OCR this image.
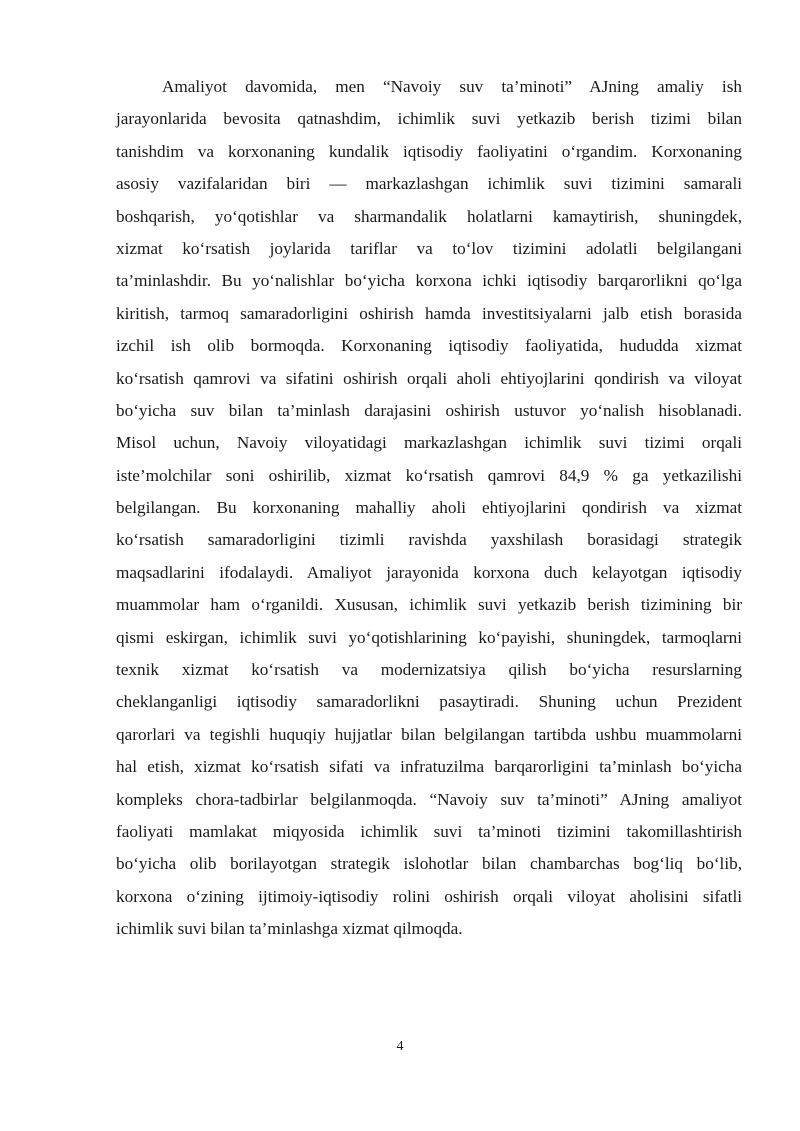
Amaliyot davomida, men “Navoiy suv ta’minoti” AJning amaliy ish
jarayonlarida bevosita qatnashdim, ichimlik suvi yetkazib berish tizimi bilan
tanishdim va korxonaning kundalik iqtisodiy faoliyatini o‘rgandim. Korxonaning
asosiy vazifalaridan biri — markazlashgan ichimlik suvi tizimini samarali
boshqarish, yo‘qotishlar va sharmandalik holatlarni kamaytirish, shuningdek,
xizmat ko‘rsatish joylarida tariflar va to‘lov tizimini adolatli belgilangani
ta’minlashdir. Bu yo‘nalishlar bo‘yicha korxona ichki iqtisodiy barqarorlikni qo‘lga
kiritish, tarmoq samaradorligini oshirish hamda investitsiyalarni jalb etish borasida
izchil ish olib bormoqda. Korxonaning iqtisodiy faoliyatida, hududda xizmat
ko‘rsatish qamrovi va sifatini oshirish orqali aholi ehtiyojlarini qondirish va viloyat
bo‘yicha suv bilan ta’minlash darajasini oshirish ustuvor yo‘nalish hisoblanadi.
Misol uchun, Navoiy viloyatidagi markazlashgan ichimlik suvi tizimi orqali
iste’molchilar soni oshirilib, xizmat ko‘rsatish qamrovi 84,9 % ga yetkazilishi
belgilangan. Bu korxonaning mahalliy aholi ehtiyojlarini qondirish va xizmat
ko‘rsatish samaradorligini tizimli ravishda yaxshilash borasidagi strategik
maqsadlarini ifodalaydi. Amaliyot jarayonida korxona duch kelayotgan iqtisodiy
muammolar ham o‘rganildi. Xususan, ichimlik suvi yetkazib berish tizimining bir
qismi eskirgan, ichimlik suvi yo‘qotishlarining ko‘payishi, shuningdek, tarmoqlarni
texnik xizmat ko‘rsatish va modernizatsiya qilish bo‘yicha resurslarning
cheklanganligi iqtisodiy samaradorlikni pasaytiradi. Shuning uchun Prezident
qarorlari va tegishli huquqiy hujjatlar bilan belgilangan tartibda ushbu muammolarni
hal etish, xizmat ko‘rsatish sifati va infratuzilma barqarorligini ta’minlash bo‘yicha
kompleks chora-tadbirlar belgilanmoqda. “Navoiy suv ta’minoti” AJning amaliyot
faoliyati mamlakat miqyosida ichimlik suvi ta’minoti tizimini takomillashtirish
bo‘yicha olib borilayotgan strategik islohotlar bilan chambarchas bog‘liq bo‘lib,
korxona o‘zining ijtimoiy-iqtisodiy rolini oshirish orqali viloyat aholisini sifatli
ichimlik suvi bilan ta’minlashga xizmat qilmoqda.
4
